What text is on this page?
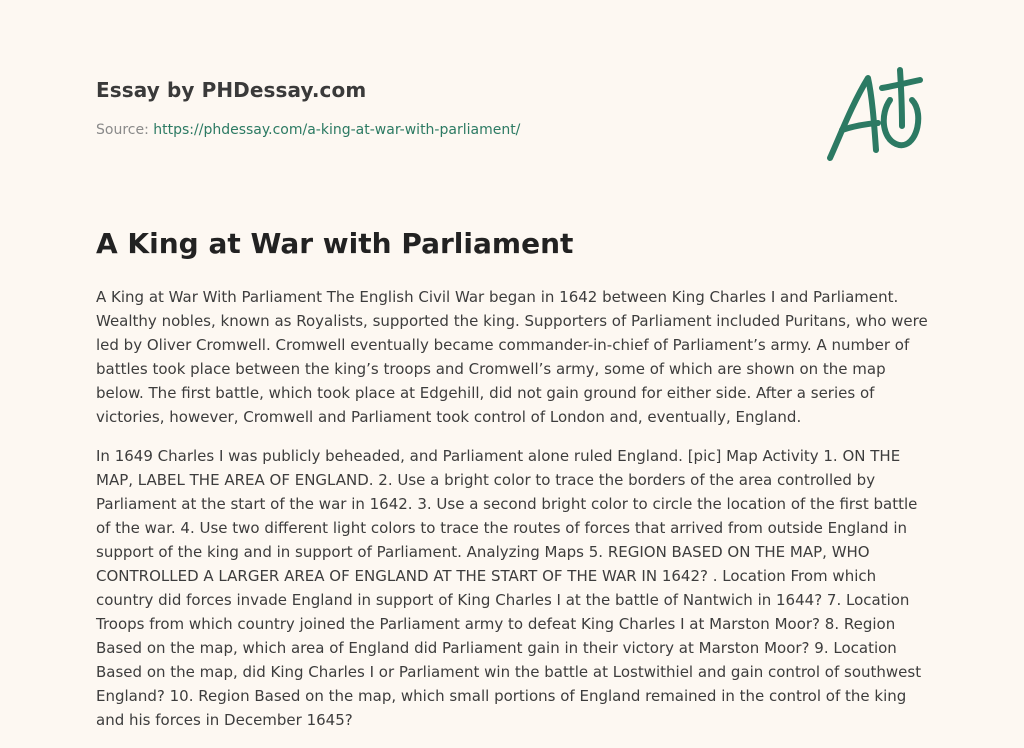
Essay by PHDessay.com

Source: https://phdessay.com/a-king-at-war-with-parliament/
A King at War with Parliament

A King at War With Parliament The English Civil War began in 1642 between King Charles I and Parliament. Wealthy nobles, known as Royalists, supported the king. Supporters of Parliament included Puritans, who were led by Oliver Cromwell. Cromwell eventually became commander-in-chief of Parliament’s army. A number of battles took place between the king’s troops and Cromwell’s army, some of which are shown on the map below. The first battle, which took place at Edgehill, did not gain ground for either side. After a series of victories, however, Cromwell and Parliament took control of London and, eventually, England.

In 1649 Charles I was publicly beheaded, and Parliament alone ruled England. [pic] Map Activity 1. ON THE MAP, LABEL THE AREA OF ENGLAND. 2. Use a bright color to trace the borders of the area controlled by Parliament at the start of the war in 1642. 3. Use a second bright color to circle the location of the first battle of the war. 4. Use two different light colors to trace the routes of forces that arrived from outside England in support of the king and in support of Parliament. Analyzing Maps 5. REGION BASED ON THE MAP, WHO CONTROLLED A LARGER AREA OF ENGLAND AT THE START OF THE WAR IN 1642? . Location From which country did forces invade England in support of King Charles I at the battle of Nantwich in 1644? 7. Location Troops from which country joined the Parliament army to defeat King Charles I at Marston Moor? 8. Region Based on the map, which area of England did Parliament gain in their victory at Marston Moor? 9. Location Based on the map, did King Charles I or Parliament win the battle at Lostwithiel and gain control of southwest England? 10. Region Based on the map, which small portions of England remained in the control of the king and his forces in December 1645?
